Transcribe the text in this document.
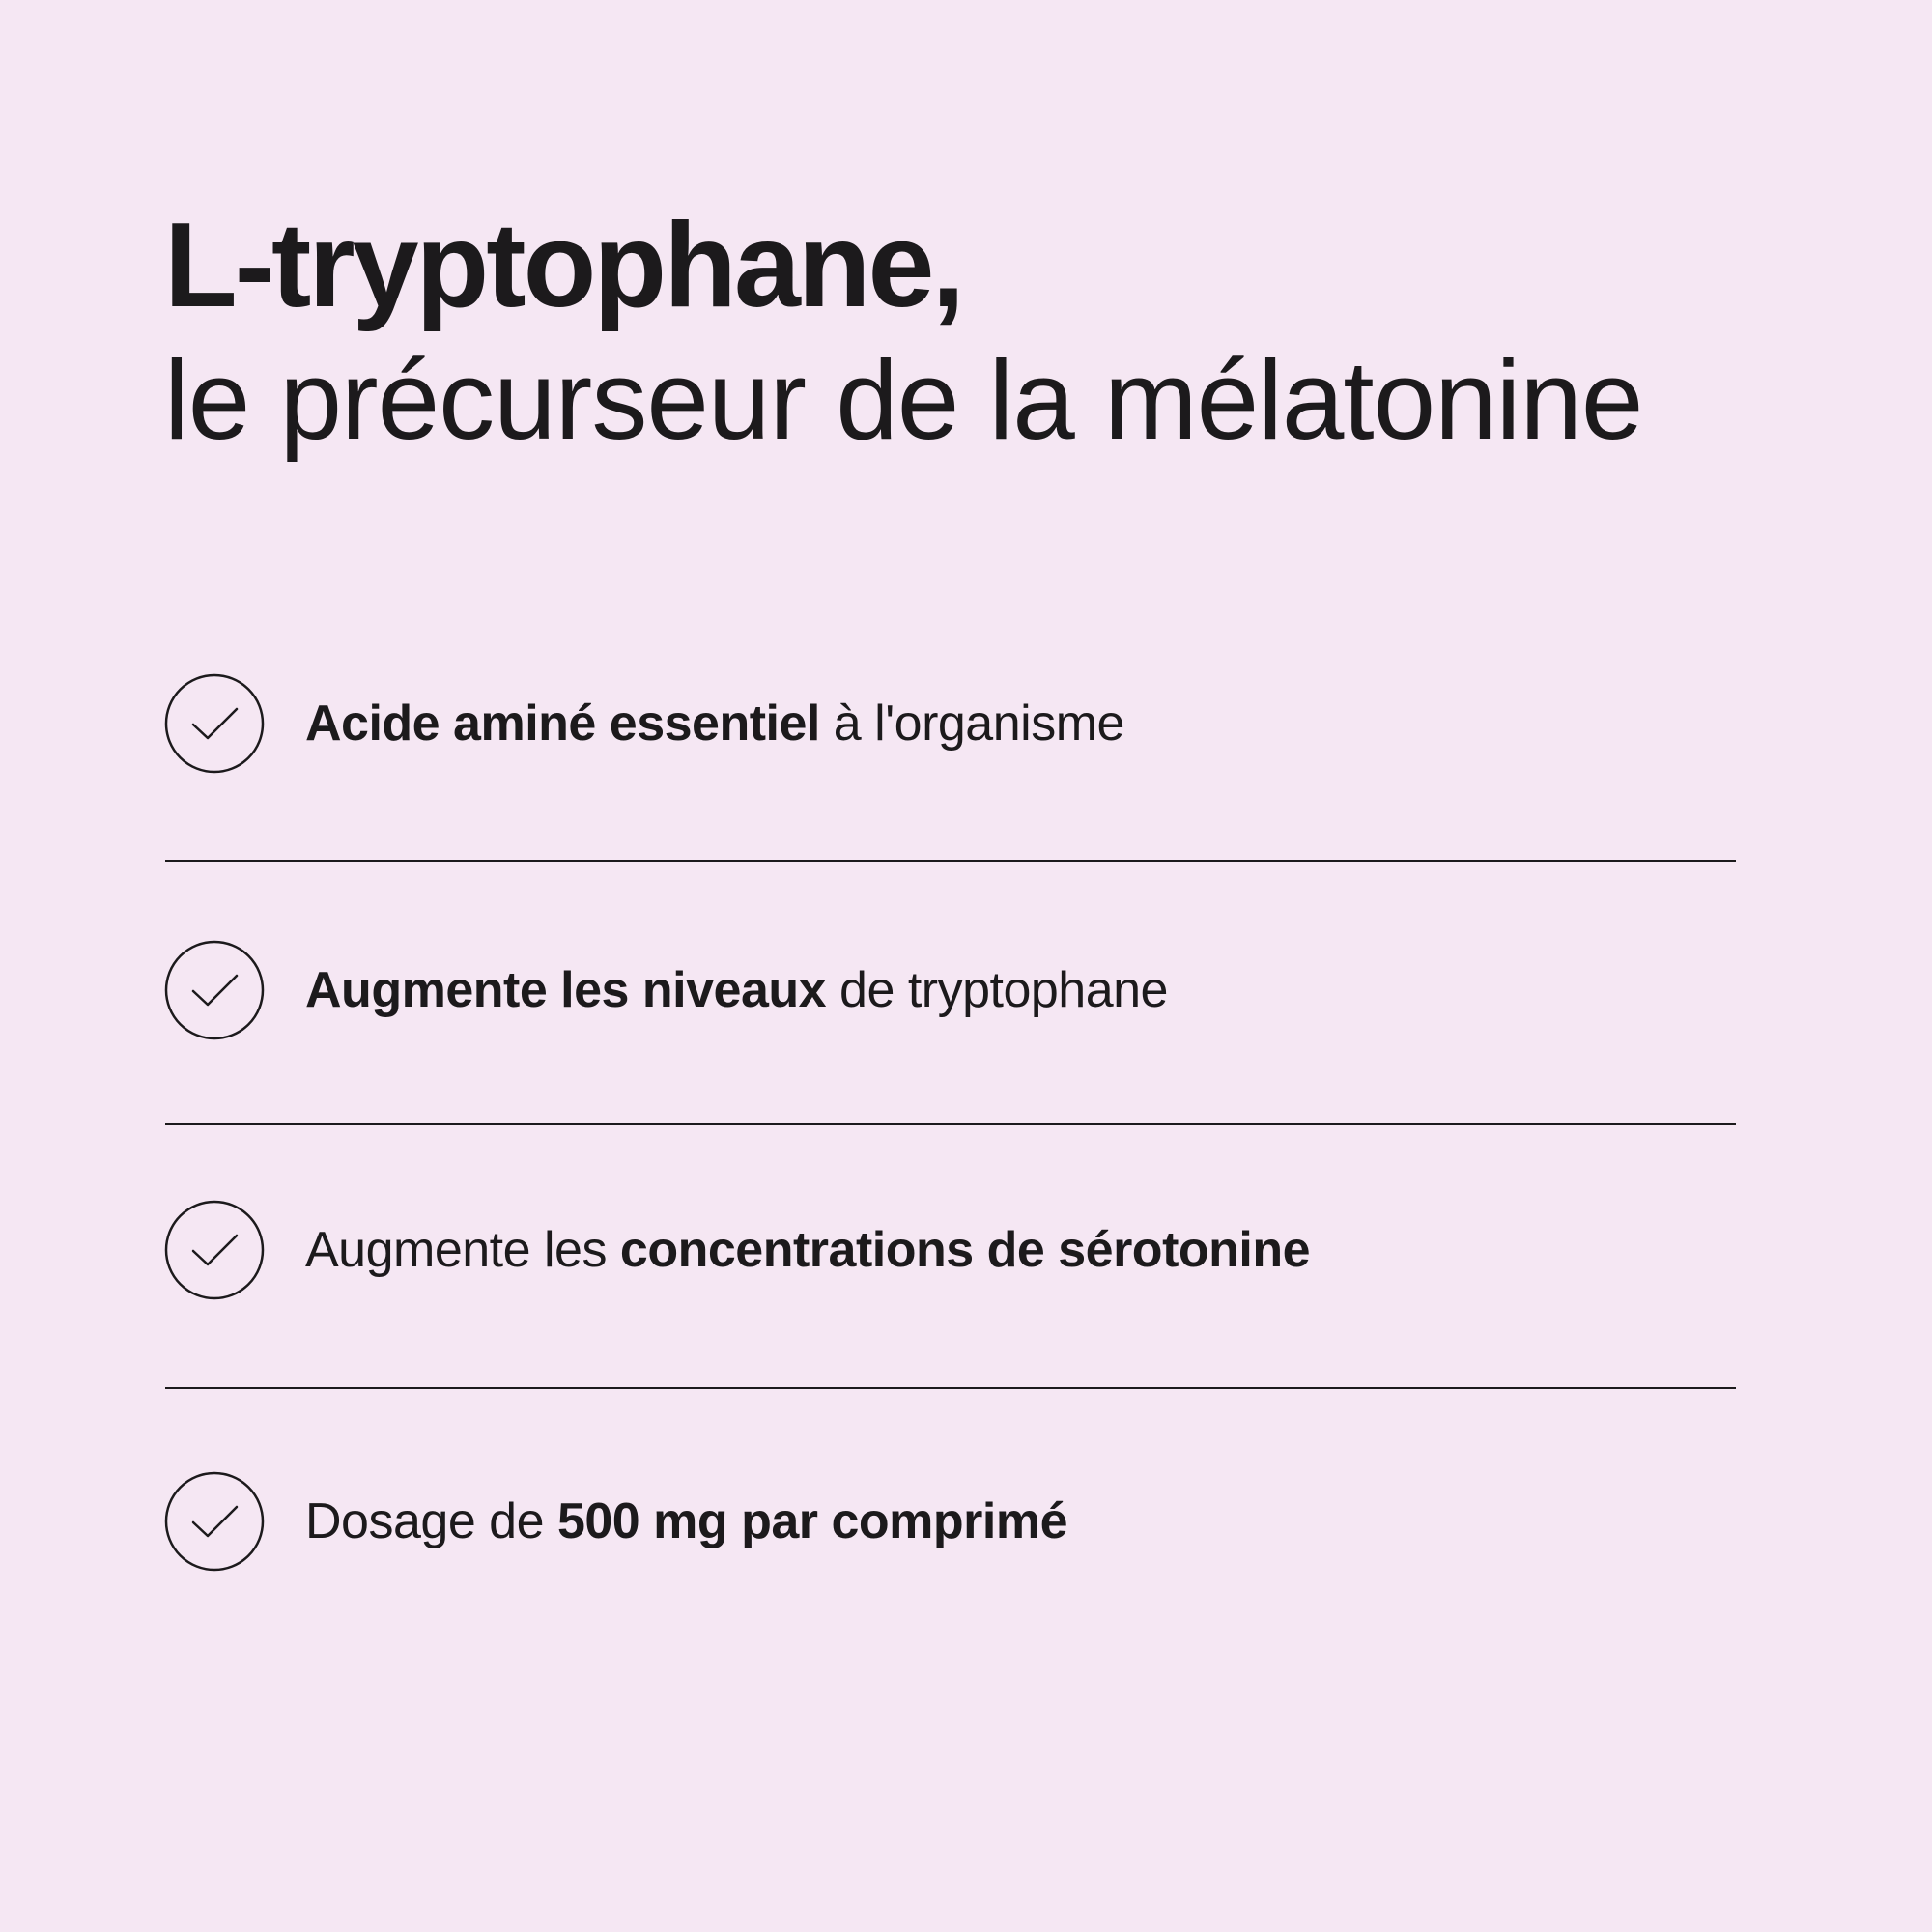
L-tryptophane,
le précurseur de la mélatonine
Acide aminé essentiel à l'organisme
Augmente les niveaux de tryptophane
Augmente les concentrations de sérotonine
Dosage de 500 mg par comprimé
